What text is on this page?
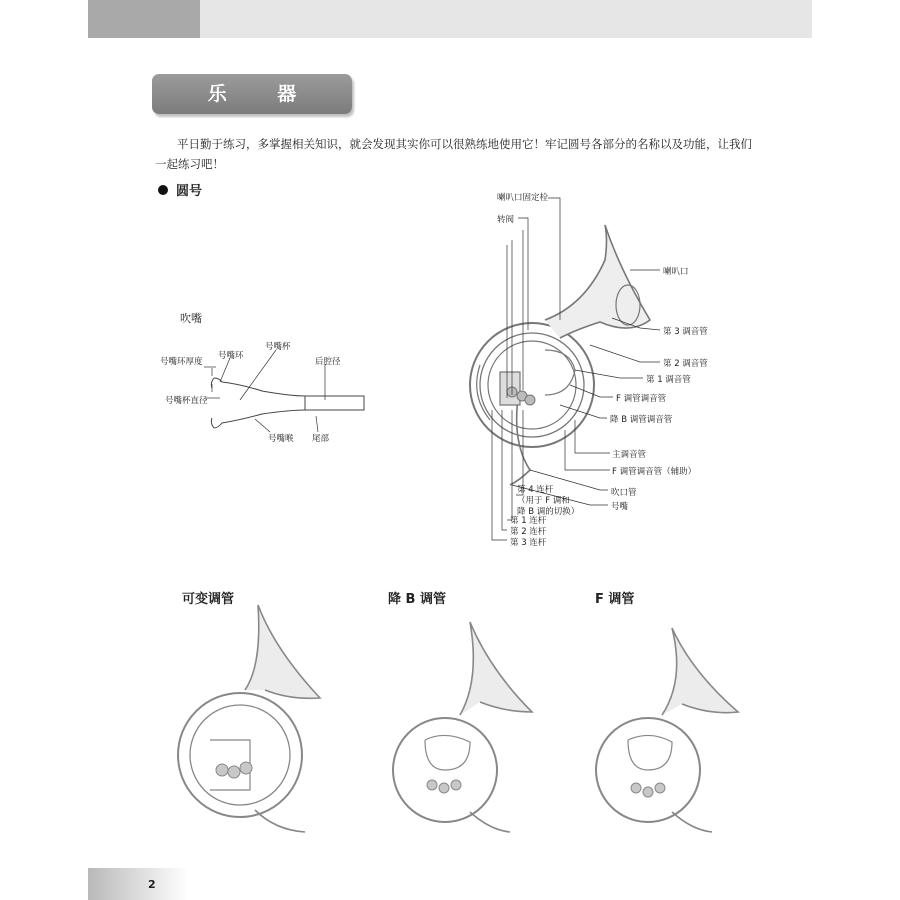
乐 器
平日勤于练习，多掌握相关知识，就会发现其实你可以很熟练地使用它！牢记圆号各部分的名称以及功能，让我们一起练习吧！
圆号
吹嘴
号嘴环厚度
号嘴环
号嘴杯
后腔径
号嘴杯直径
号嘴喉 尾部
喇叭口固定栓
转阀
喇叭口
第 3 调音管
第 2 调音管
第 1 调音管
F 调管调音管
降 B 调管调音管
主调音管
F 调管调音管（辅助）
第 4 连杆
（用于 F 调和
降 B 调的切换）
吹口管
号嘴
第 1 连杆
第 2 连杆
第 3 连杆
可变调管	降 B 调管	F 调管
2
